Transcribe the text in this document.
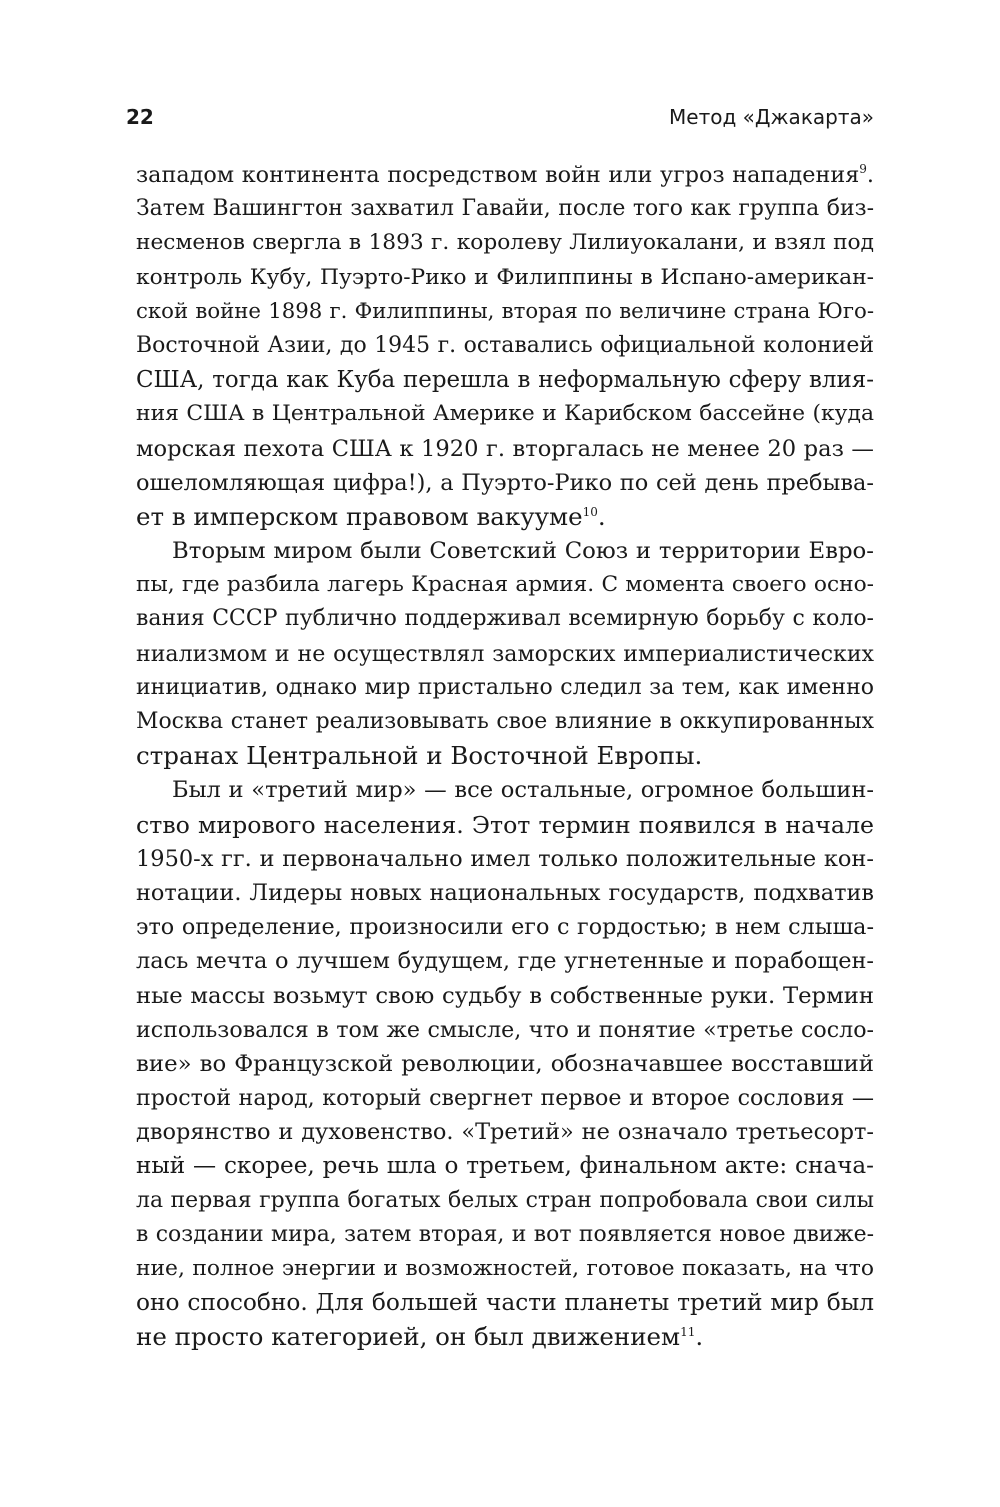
22	Метод «Джакарта»
западом континента посредством войн или угроз нападения$^9$.
Затем Вашингтон захватил Гавайи, после того как группа биз-
несменов свергла в 1893 г. королеву Лилиуокалани, и взял под
контроль Кубу, Пуэрто-Рико и Филиппины в Испано-американ-
ской войне 1898 г. Филиппины, вторая по величине страна Юго-
Восточной Азии, до 1945 г. оставались официальной колонией
США, тогда как Куба перешла в неформальную сферу влия-
ния США в Центральной Америке и Карибском бассейне (куда
морская пехота США к 1920 г. вторгалась не менее 20 раз —
ошеломляющая цифра!), а Пуэрто-Рико по сей день пребыва-
ет в имперском правовом вакууме$^{10}$.
Вторым миром были Советский Союз и территории Евро-
пы, где разбила лагерь Красная армия. С момента своего осно-
вания СССР публично поддерживал всемирную борьбу с коло-
ниализмом и не осуществлял заморских империалистических
инициатив, однако мир пристально следил за тем, как именно
Москва станет реализовывать свое влияние в оккупированных
странах Центральной и Восточной Европы.
Был и «третий мир» — все остальные, огромное большин-
ство мирового населения. Этот термин появился в начале
1950-х гг. и первоначально имел только положительные кон-
нотации. Лидеры новых национальных государств, подхватив
это определение, произносили его с гордостью; в нем слыша-
лась мечта о лучшем будущем, где угнетенные и порабощен-
ные массы возьмут свою судьбу в собственные руки. Термин
использовался в том же смысле, что и понятие «третье сосло-
вие» во Французской революции, обозначавшее восставший
простой народ, который свергнет первое и второе сословия —
дворянство и духовенство. «Третий» не означало третьесорт-
ный — скорее, речь шла о третьем, финальном акте: снача-
ла первая группа богатых белых стран попробовала свои силы
в создании мира, затем вторая, и вот появляется новое движе-
ние, полное энергии и возможностей, готовое показать, на что
оно способно. Для большей части планеты третий мир был
не просто категорией, он был движением$^{11}$.
